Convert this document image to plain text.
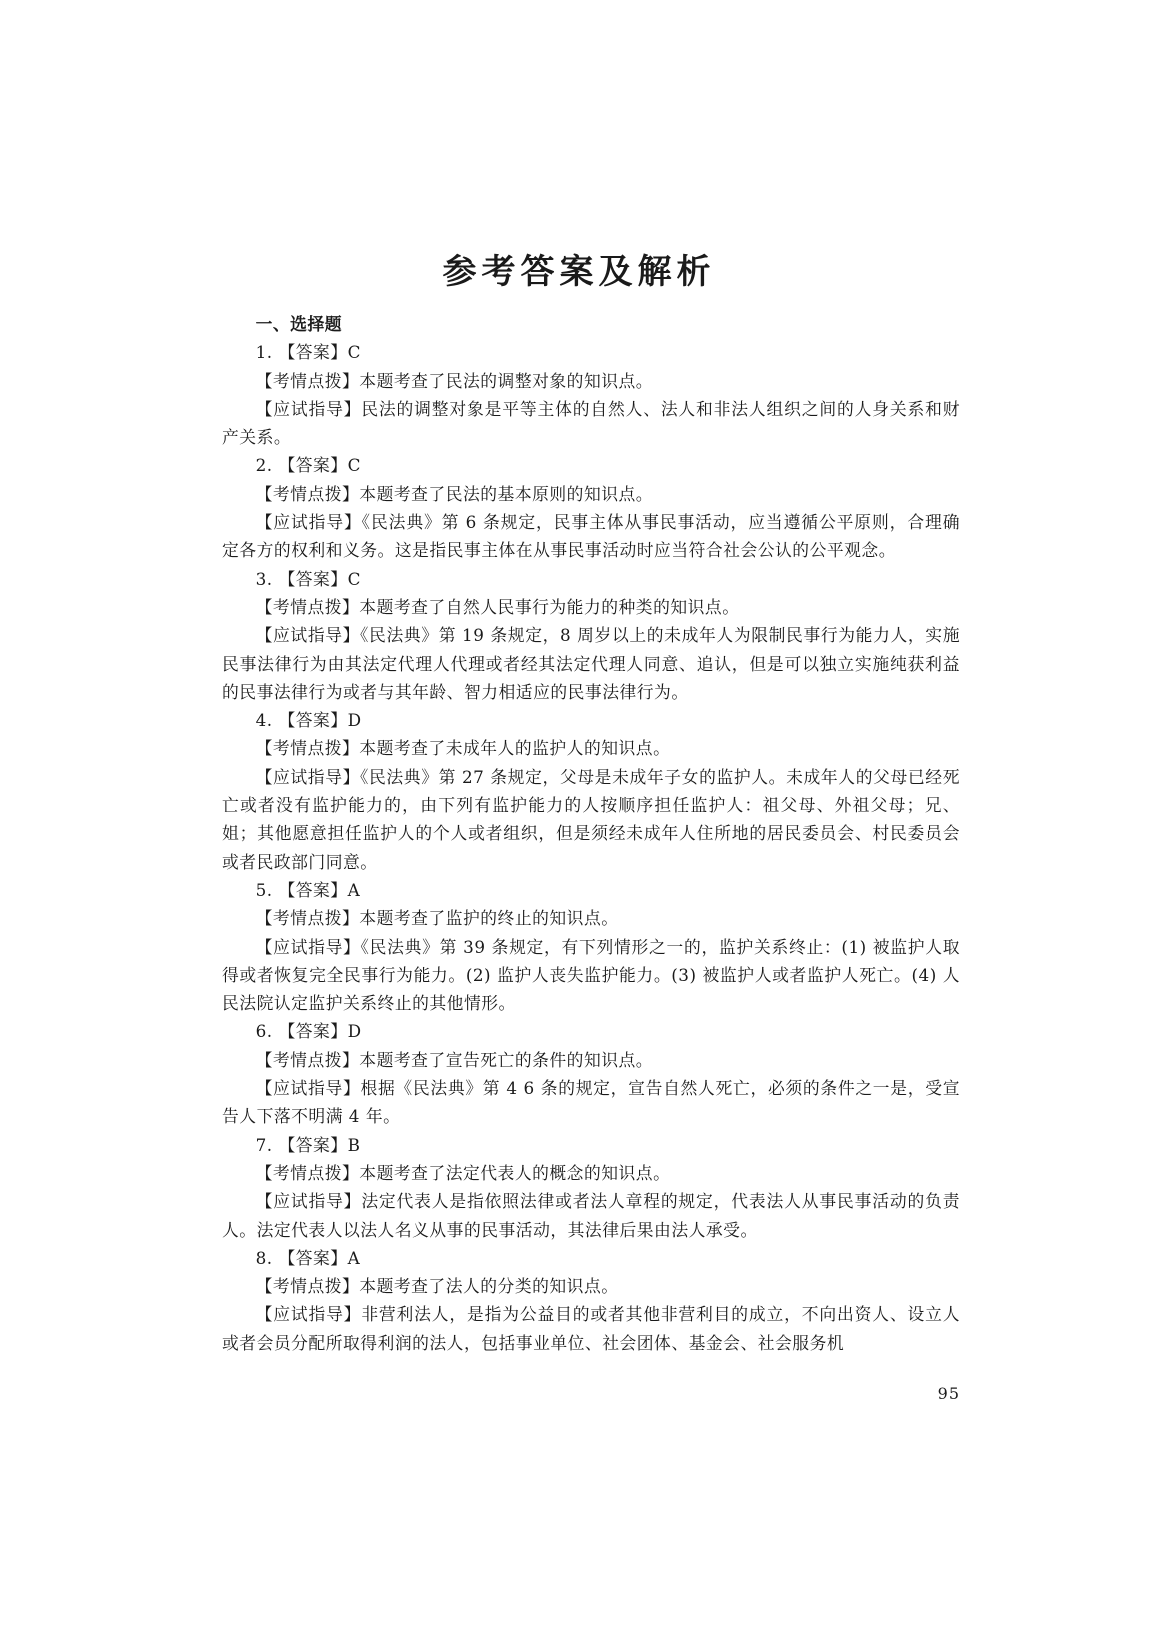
参考答案及解析

一、选择题

1. 【答案】C

【考情点拨】本题考查了民法的调整对象的知识点。

【应试指导】民法的调整对象是平等主体的自然人、法人和非法人组织之间的人身关系和财产关系。

2. 【答案】C

【考情点拨】本题考查了民法的基本原则的知识点。

【应试指导】《民法典》第 6 条规定，民事主体从事民事活动，应当遵循公平原则，合理确定各方的权利和义务。这是指民事主体在从事民事活动时应当符合社会公认的公平观念。

3. 【答案】C

【考情点拨】本题考查了自然人民事行为能力的种类的知识点。

【应试指导】《民法典》第 19 条规定，8 周岁以上的未成年人为限制民事行为能力人，实施民事法律行为由其法定代理人代理或者经其法定代理人同意、追认，但是可以独立实施纯获利益的民事法律行为或者与其年龄、智力相适应的民事法律行为。

4. 【答案】D

【考情点拨】本题考查了未成年人的监护人的知识点。

【应试指导】《民法典》第 27 条规定，父母是未成年子女的监护人。未成年人的父母已经死亡或者没有监护能力的，由下列有监护能力的人按顺序担任监护人：祖父母、外祖父母；兄、姐；其他愿意担任监护人的个人或者组织，但是须经未成年人住所地的居民委员会、村民委员会或者民政部门同意。

5. 【答案】A

【考情点拨】本题考查了监护的终止的知识点。

【应试指导】《民法典》第 39 条规定，有下列情形之一的，监护关系终止：(1) 被监护人取得或者恢复完全民事行为能力。(2) 监护人丧失监护能力。(3) 被监护人或者监护人死亡。(4) 人民法院认定监护关系终止的其他情形。

6. 【答案】D

【考情点拨】本题考查了宣告死亡的条件的知识点。

【应试指导】根据《民法典》第 4 6 条的规定，宣告自然人死亡，必须的条件之一是，受宣告人下落不明满 4 年。

7. 【答案】B

【考情点拨】本题考查了法定代表人的概念的知识点。

【应试指导】法定代表人是指依照法律或者法人章程的规定，代表法人从事民事活动的负责人。法定代表人以法人名义从事的民事活动，其法律后果由法人承受。

8. 【答案】A

【考情点拨】本题考查了法人的分类的知识点。

【应试指导】非营利法人，是指为公益目的或者其他非营利目的成立，不向出资人、设立人或者会员分配所取得利润的法人，包括事业单位、社会团体、基金会、社会服务机

95
